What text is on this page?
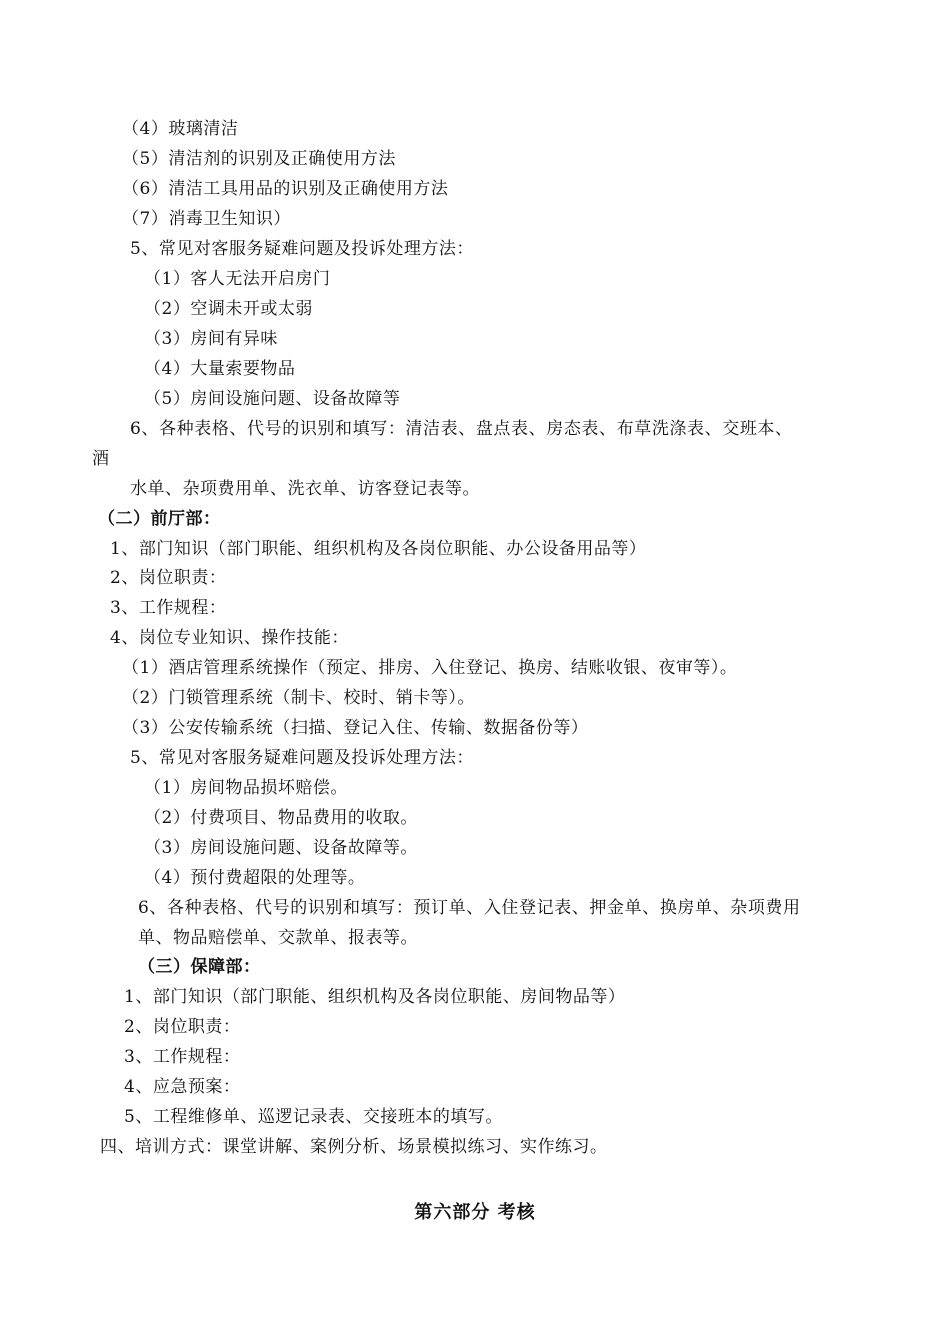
（4）玻璃清洁
（5）清洁剂的识别及正确使用方法
（6）清洁工具用品的识别及正确使用方法
（7）消毒卫生知识）
5、常见对客服务疑难问题及投诉处理方法：
（1）客人无法开启房门
（2）空调未开或太弱
（3）房间有异味
（4）大量索要物品
（5）房间设施问题、设备故障等
6、各种表格、代号的识别和填写：清洁表、盘点表、房态表、布草洗涤表、交班本、
酒
水单、杂项费用单、洗衣单、访客登记表等。
（二）前厅部：
1、部门知识（部门职能、组织机构及各岗位职能、办公设备用品等）
2、岗位职责：
3、工作规程：
4、岗位专业知识、操作技能：
（1）酒店管理系统操作（预定、排房、入住登记、换房、结账收银、夜审等）。
（2）门锁管理系统（制卡、校时、销卡等）。
（3）公安传输系统（扫描、登记入住、传输、数据备份等）
5、常见对客服务疑难问题及投诉处理方法：
（1）房间物品损坏赔偿。
（2）付费项目、物品费用的收取。
（3）房间设施问题、设备故障等。
（4）预付费超限的处理等。
6、各种表格、代号的识别和填写：预订单、入住登记表、押金单、换房单、杂项费用
单、物品赔偿单、交款单、报表等。
（三）保障部：
1、部门知识（部门职能、组织机构及各岗位职能、房间物品等）
2、岗位职责：
3、工作规程：
4、应急预案：
5、工程维修单、巡逻记录表、交接班本的填写。
四、培训方式：课堂讲解、案例分析、场景模拟练习、实作练习。
第六部分 考核
